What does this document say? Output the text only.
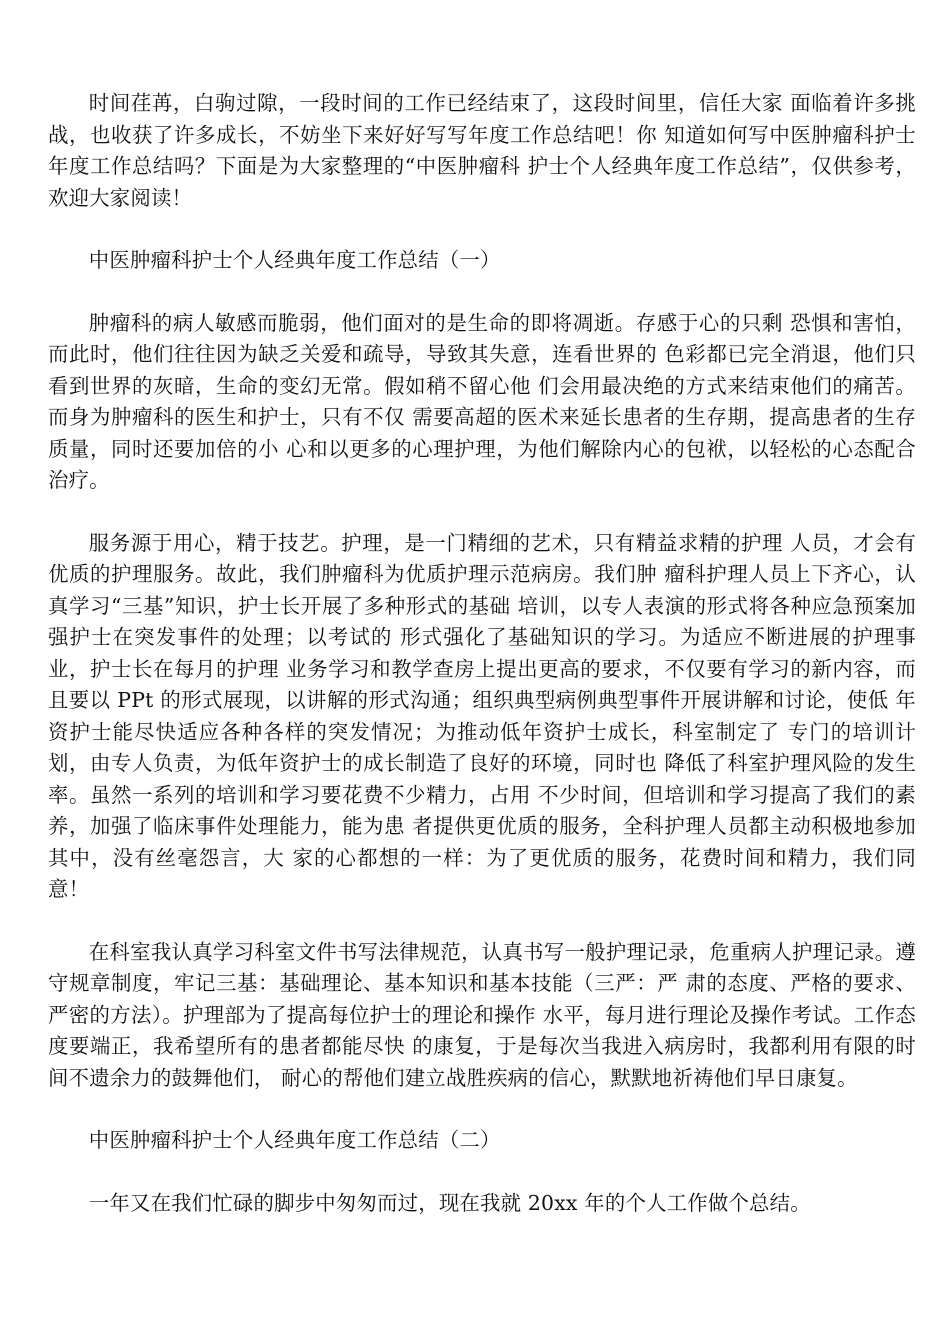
时间荏苒，白驹过隙，一段时间的工作已经结束了，这段时间里，信任大家 面临着许多挑战，也收获了许多成长，不妨坐下来好好写写年度工作总结吧！你 知道如何写中医肿瘤科护士年度工作总结吗？下面是为大家整理的“中医肿瘤科 护士个人经典年度工作总结”，仅供参考，欢迎大家阅读！

中医肿瘤科护士个人经典年度工作总结（一）

肿瘤科的病人敏感而脆弱，他们面对的是生命的即将凋逝。存感于心的只剩 恐惧和害怕，而此时，他们往往因为缺乏关爱和疏导，导致其失意，连看世界的 色彩都已完全消退，他们只看到世界的灰暗，生命的变幻无常。假如稍不留心他 们会用最决绝的方式来结束他们的痛苦。而身为肿瘤科的医生和护士，只有不仅 需要高超的医术来延长患者的生存期，提高患者的生存质量，同时还要加倍的小 心和以更多的心理护理，为他们解除内心的包袱，以轻松的心态配合治疗。

服务源于用心，精于技艺。护理，是一门精细的艺术，只有精益求精的护理 人员，才会有优质的护理服务。故此，我们肿瘤科为优质护理示范病房。我们肿 瘤科护理人员上下齐心，认真学习“三基”知识，护士长开展了多种形式的基础 培训，以专人表演的形式将各种应急预案加强护士在突发事件的处理；以考试的 形式强化了基础知识的学习。为适应不断进展的护理事业，护士长在每月的护理 业务学习和教学查房上提出更高的要求，不仅要有学习的新内容，而且要以 PPt 的形式展现，以讲解的形式沟通；组织典型病例典型事件开展讲解和讨论，使低 年资护士能尽快适应各种各样的突发情况；为推动低年资护士成长，科室制定了 专门的培训计划，由专人负责，为低年资护士的成长制造了良好的环境，同时也 降低了科室护理风险的发生率。虽然一系列的培训和学习要花费不少精力，占用 不少时间，但培训和学习提高了我们的素养，加强了临床事件处理能力，能为患 者提供更优质的服务，全科护理人员都主动积极地参加其中，没有丝毫怨言，大 家的心都想的一样：为了更优质的服务，花费时间和精力，我们同意！

在科室我认真学习科室文件书写法律规范，认真书写一般护理记录，危重病人护理记录。遵守规章制度，牢记三基：基础理论、基本知识和基本技能（三严：严 肃的态度、严格的要求、严密的方法）。护理部为了提高每位护士的理论和操作 水平，每月进行理论及操作考试。工作态度要端正，我希望所有的患者都能尽快 的康复，于是每次当我进入病房时，我都利用有限的时间不遗余力的鼓舞他们， 耐心的帮他们建立战胜疾病的信心，默默地祈祷他们早日康复。

中医肿瘤科护士个人经典年度工作总结（二）

一年又在我们忙碌的脚步中匆匆而过，现在我就 20xx 年的个人工作做个总结。
